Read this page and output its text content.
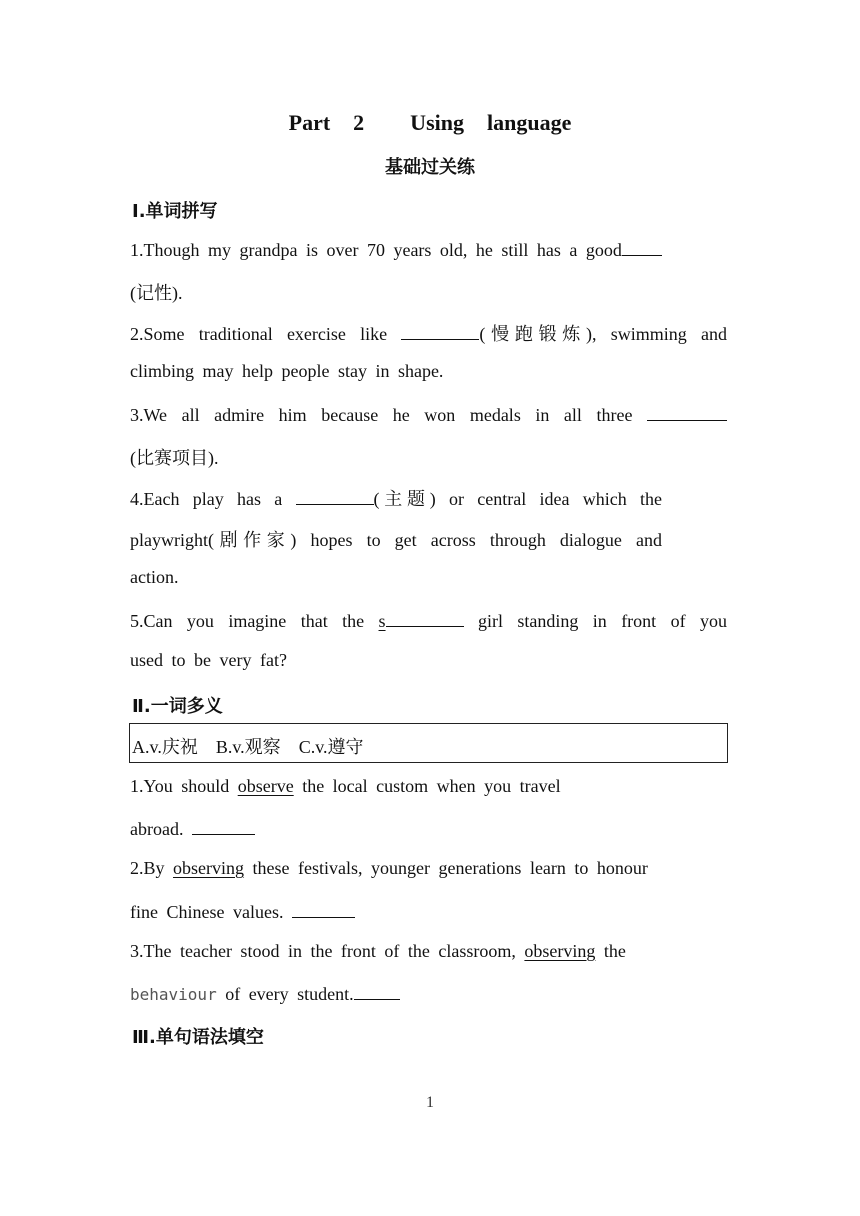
Part  2    Using  language
基础过关练
Ⅰ.单词拼写
1.Though my grandpa is over 70 years old, he still has a good
(记性).
2.Some traditional exercise like	(慢跑锻炼), swimming and
climbing may help people stay in shape.
3.We all admire him because he won medals in all three
(比赛项目).
4.Each play has a	(主题) or central idea which the
playwright(剧作家) hopes to get across through dialogue and
action.
5.Can you imagine that the s	girl standing in front of you
used to be very fat?
Ⅱ.一词多义
A.v.庆祝 B.v.观察 C.v.遵守
1.You should observe the local custom when you travel
abroad.
2.By observing these festivals, younger generations learn to honour
fine Chinese values.
3.The teacher stood in the front of the classroom, observing the
behaviour of every student.
Ⅲ.单句语法填空
1
